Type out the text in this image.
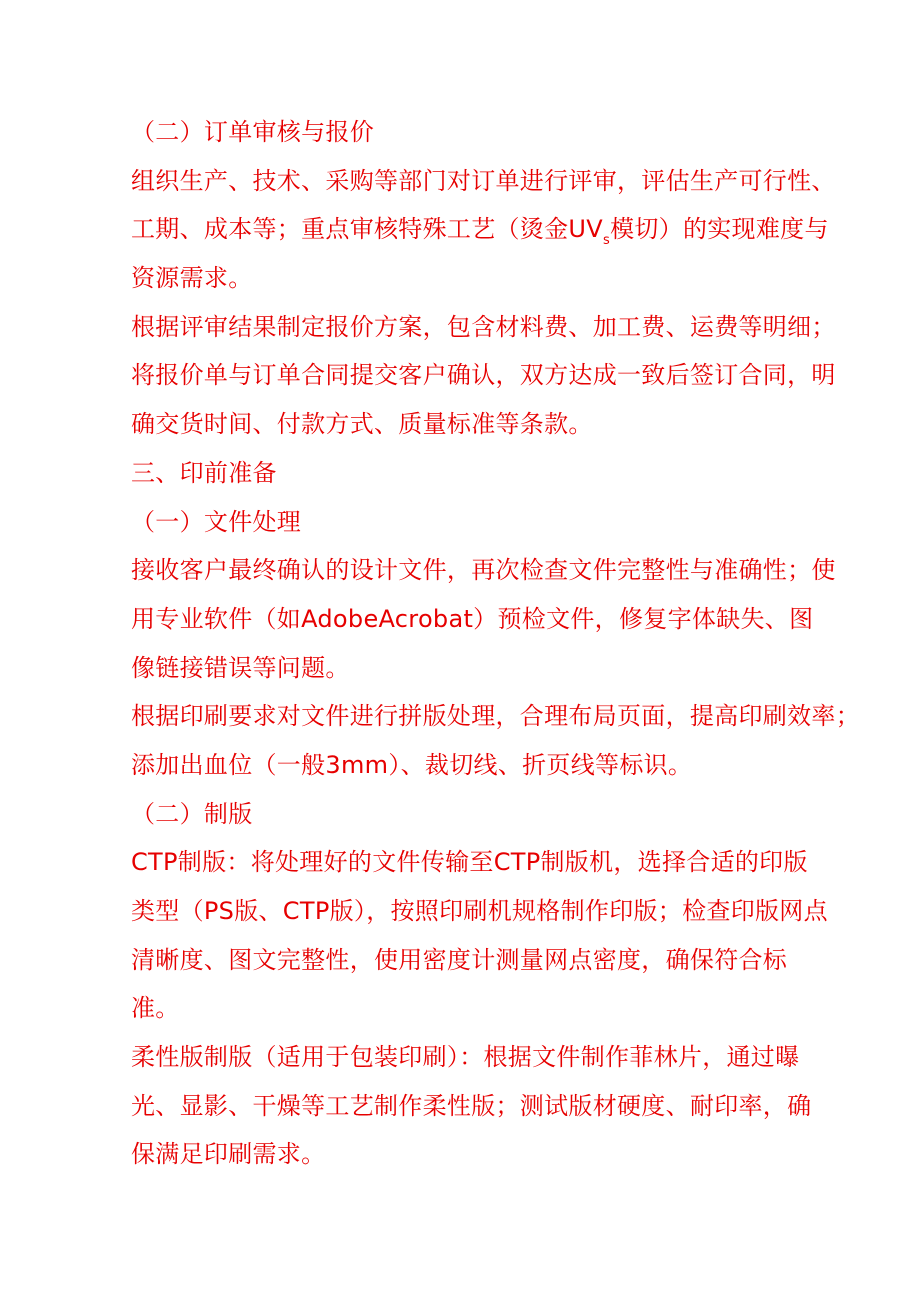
（二）订单审核与报价
组织生产、技术、采购等部门对订单进行评审，评估生产可行性、
工期、成本等；重点审核特殊工艺（烫金$UV_s$模切）的实现难度与
资源需求。
根据评审结果制定报价方案，包含材料费、加工费、运费等明细；
将报价单与订单合同提交客户确认，双方达成一致后签订合同，明
确交货时间、付款方式、质量标准等条款。
三、印前准备
（一）文件处理
接收客户最终确认的设计文件，再次检查文件完整性与准确性；使
用专业软件（如AdobeAcrobat）预检文件，修复字体缺失、图
像链接错误等问题。
根据印刷要求对文件进行拼版处理，合理布局页面，提高印刷效率；
添加出血位（一般3mm）、裁切线、折页线等标识。
（二）制版
CTP制版：将处理好的文件传输至CTP制版机，选择合适的印版
类型（PS版、CTP版），按照印刷机规格制作印版；检查印版网点
清晰度、图文完整性，使用密度计测量网点密度，确保符合标
准。
柔性版制版（适用于包装印刷）：根据文件制作菲林片，通过曝
光、显影、干燥等工艺制作柔性版；测试版材硬度、耐印率，确
保满足印刷需求。
